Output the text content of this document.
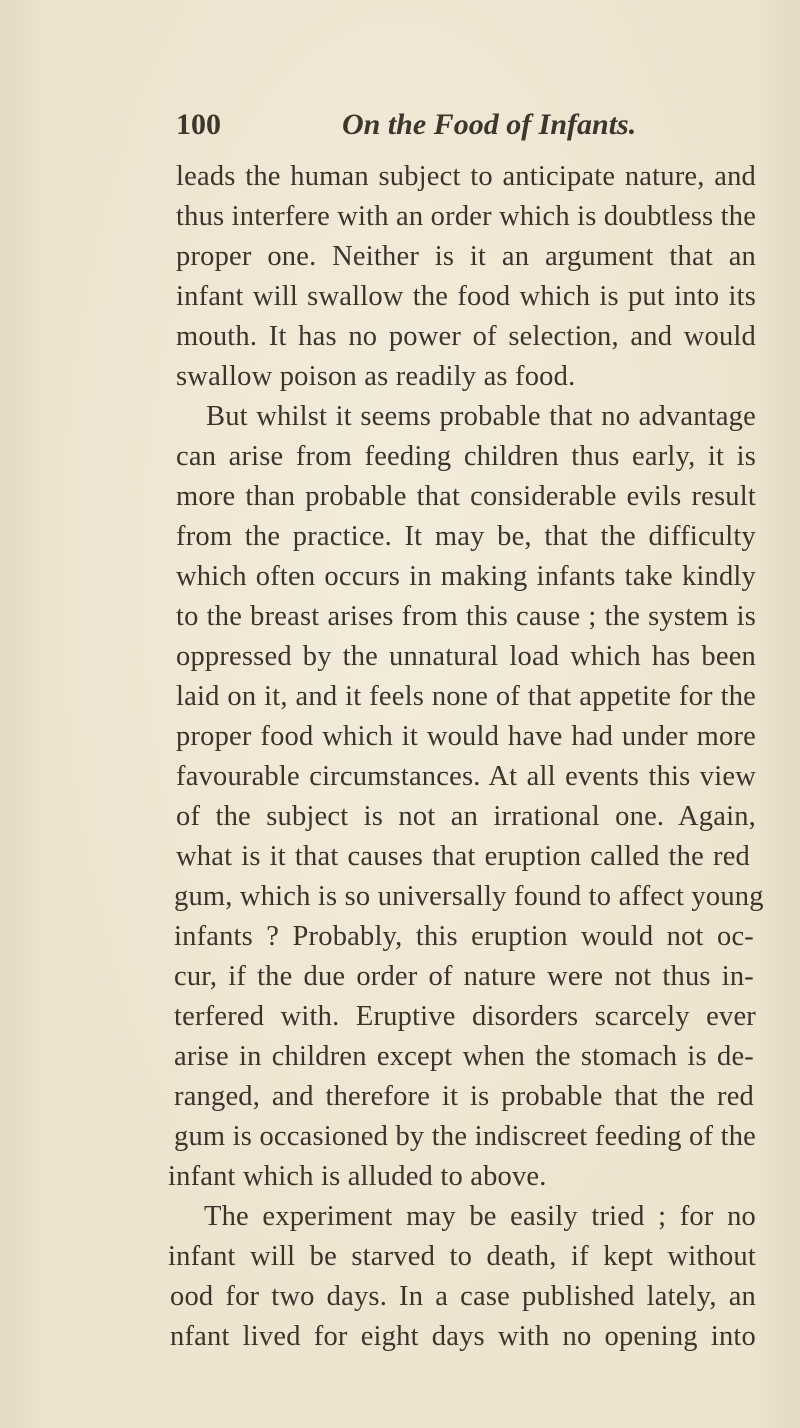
100	On the Food of Infants.
leads the human subject to anticipate nature, and
thus interfere with an order which is doubtless the
proper one. Neither is it an argument that an
infant will swallow the food which is put into its
mouth. It has no power of selection, and would
swallow poison as readily as food.
But whilst it seems probable that no advantage
can arise from feeding children thus early, it is
more than probable that considerable evils result
from the practice. It may be, that the difficulty
which often occurs in making infants take kindly
to the breast arises from this cause ; the system is
oppressed by the unnatural load which has been
laid on it, and it feels none of that appetite for the
proper food which it would have had under more
favourable circumstances. At all events this view
of the subject is not an irrational one. Again,
what is it that causes that eruption called the red
gum, which is so universally found to affect young
infants ? Probably, this eruption would not oc-
cur, if the due order of nature were not thus in-
terfered with. Eruptive disorders scarcely ever
arise in children except when the stomach is de-
ranged, and therefore it is probable that the red
gum is occasioned by the indiscreet feeding of the
infant which is alluded to above.
The experiment may be easily tried ; for no
infant will be starved to death, if kept without
ood for two days. In a case published lately, an
nfant lived for eight days with no opening into
